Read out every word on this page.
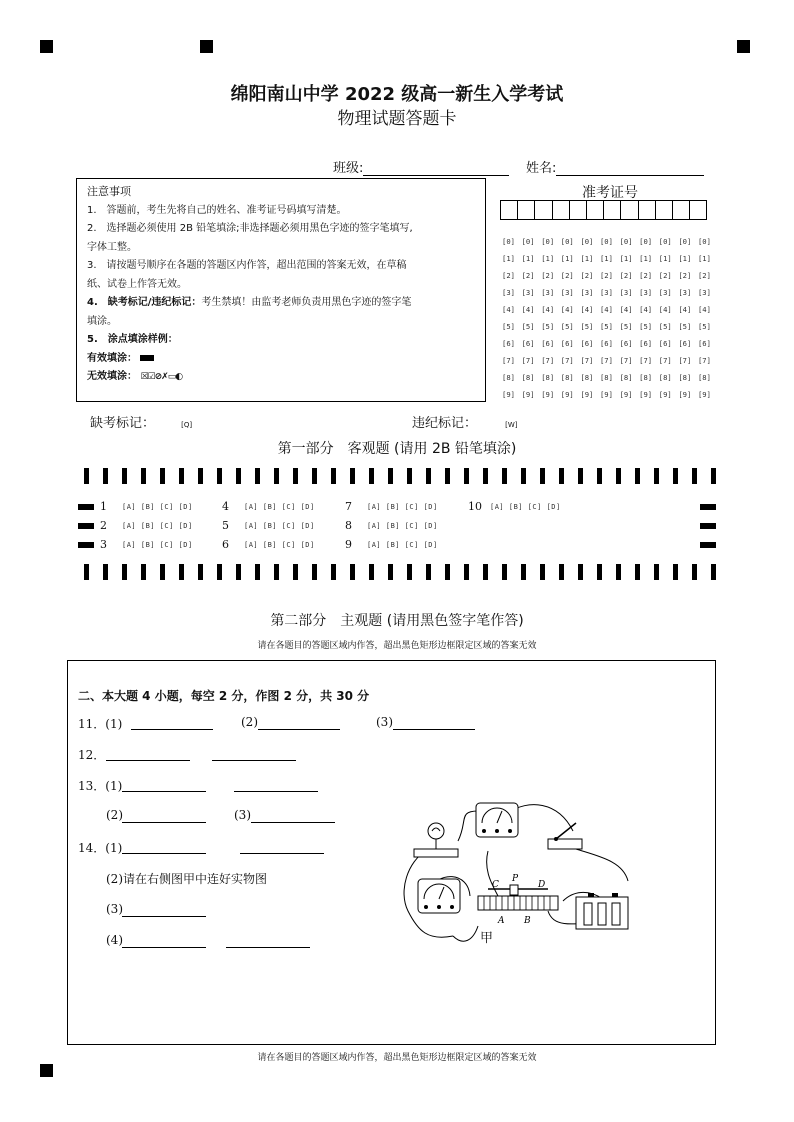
绵阳南山中学 2022 级高一新生入学考试
物理试题答题卡
班级:	姓名:
注意事项
1.　答题前，考生先将自己的姓名、准考证号码填写清楚。
2.　选择题必须使用 2B 铅笔填涂;非选择题必须用黑色字迹的签字笔填写,
字体工整。
3.　请按题号顺序在各题的答题区内作答，超出范围的答案无效，在草稿
纸、试卷上作答无效。
4.　缺考标记/违纪标记：考生禁填！由监考老师负责用黑色字迹的签字笔
填涂。
5.　涂点填涂样例：
有效填涂：
无效填涂： ☒☑⊘✗▭◐
准考证号
[0] [0] [0] [0] [0] [0] [0] [0] [0] [0] [0]
[1] [1] [1] [1] [1] [1] [1] [1] [1] [1] [1]
[2] [2] [2] [2] [2] [2] [2] [2] [2] [2] [2]
[3] [3] [3] [3] [3] [3] [3] [3] [3] [3] [3]
[4] [4] [4] [4] [4] [4] [4] [4] [4] [4] [4]
[5] [5] [5] [5] [5] [5] [5] [5] [5] [5] [5]
[6] [6] [6] [6] [6] [6] [6] [6] [6] [6] [6]
[7] [7] [7] [7] [7] [7] [7] [7] [7] [7] [7]
[8] [8] [8] [8] [8] [8] [8] [8] [8] [8] [8]
[9] [9] [9] [9] [9] [9] [9] [9] [9] [9] [9]
缺考标记：	[Q]	违纪标记：	[W]
第一部分　客观题 (请用 2B 铅笔填涂)
1 [A] [B] [C] [D]
2 [A] [B] [C] [D]
3 [A] [B] [C] [D]
4 [A] [B] [C] [D]
5 [A] [B] [C] [D]
6 [A] [B] [C] [D]
7 [A] [B] [C] [D]
8 [A] [B] [C] [D]
9 [A] [B] [C] [D]
10 [A] [B] [C] [D]
第二部分　主观题 (请用黑色签字笔作答)
请在各题目的答题区域内作答，超出黑色矩形边框限定区域的答案无效
二、本大题 4 小题，每空 2 分，作图 2 分，共 30 分
11．(1)	(2)	(3)
12．
13．(1)
(2)	(3)
14．(1)
(2)请在右侧图甲中连好实物图
(3)
(4)
C
P
D
A B
甲
请在各题目的答题区域内作答，超出黑色矩形边框限定区域的答案无效
